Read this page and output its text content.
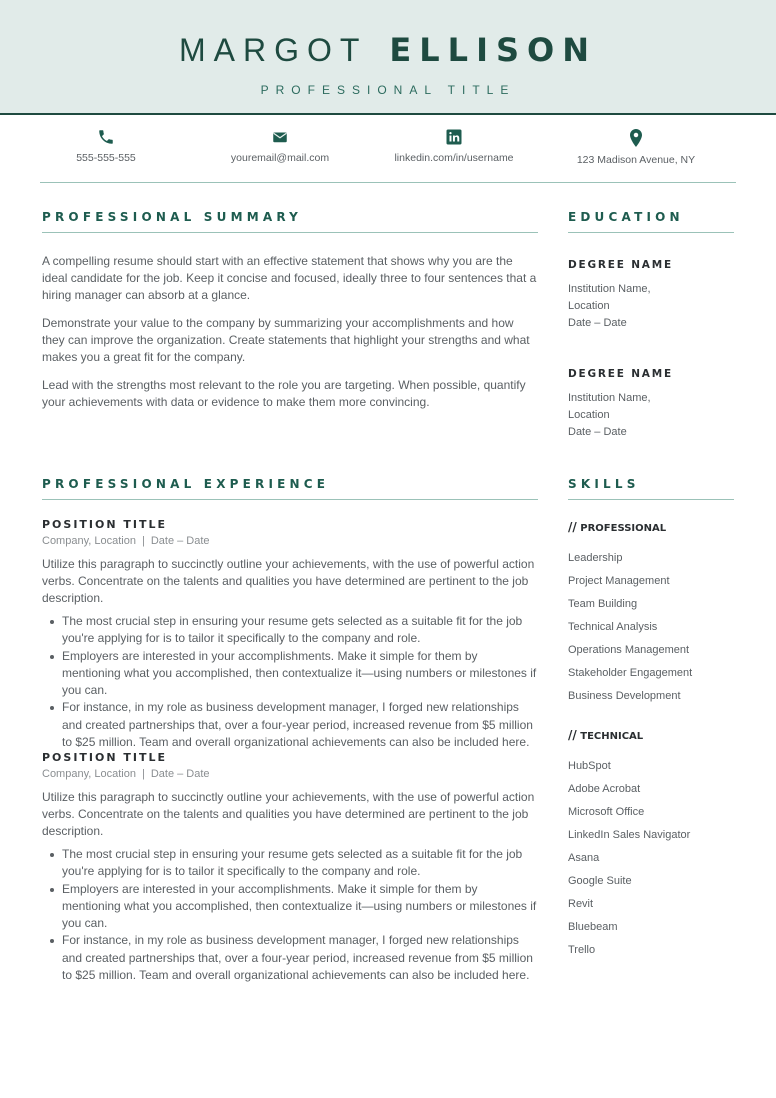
MARGOT ELLISON
PROFESSIONAL TITLE
555-555-555	youremail@mail.com	linkedin.com/in/username	123 Madison Avenue, NY
PROFESSIONAL SUMMARY
A compelling resume should start with an effective statement that shows why you are the ideal candidate for the job. Keep it concise and focused, ideally three to four sentences that a hiring manager can absorb at a glance.
Demonstrate your value to the company by summarizing your accomplishments and how they can improve the organization. Create statements that highlight your strengths and what makes you a great fit for the company.
Lead with the strengths most relevant to the role you are targeting. When possible, quantify your achievements with data or evidence to make them more convincing.
PROFESSIONAL EXPERIENCE
POSITION TITLE
Company, Location | Date – Date
Utilize this paragraph to succinctly outline your achievements, with the use of powerful action verbs. Concentrate on the talents and qualities you have determined are pertinent to the job description.
The most crucial step in ensuring your resume gets selected as a suitable fit for the job you're applying for is to tailor it specifically to the company and role.
Employers are interested in your accomplishments. Make it simple for them by mentioning what you accomplished, then contextualize it—using numbers or milestones if you can.
For instance, in my role as business development manager, I forged new relationships and created partnerships that, over a four-year period, increased revenue from $5 million to $25 million. Team and overall organizational achievements can also be included here.
POSITION TITLE
Company, Location | Date – Date
Utilize this paragraph to succinctly outline your achievements, with the use of powerful action verbs. Concentrate on the talents and qualities you have determined are pertinent to the job description.
The most crucial step in ensuring your resume gets selected as a suitable fit for the job you're applying for is to tailor it specifically to the company and role.
Employers are interested in your accomplishments. Make it simple for them by mentioning what you accomplished, then contextualize it—using numbers or milestones if you can.
For instance, in my role as business development manager, I forged new relationships and created partnerships that, over a four-year period, increased revenue from $5 million to $25 million. Team and overall organizational achievements can also be included here.
EDUCATION
DEGREE NAME
Institution Name,
Location
Date – Date
DEGREE NAME
Institution Name,
Location
Date – Date
SKILLS
// PROFESSIONAL
Leadership
Project Management
Team Building
Technical Analysis
Operations Management
Stakeholder Engagement
Business Development
// TECHNICAL
HubSpot
Adobe Acrobat
Microsoft Office
LinkedIn Sales Navigator
Asana
Google Suite
Revit
Bluebeam
Trello
